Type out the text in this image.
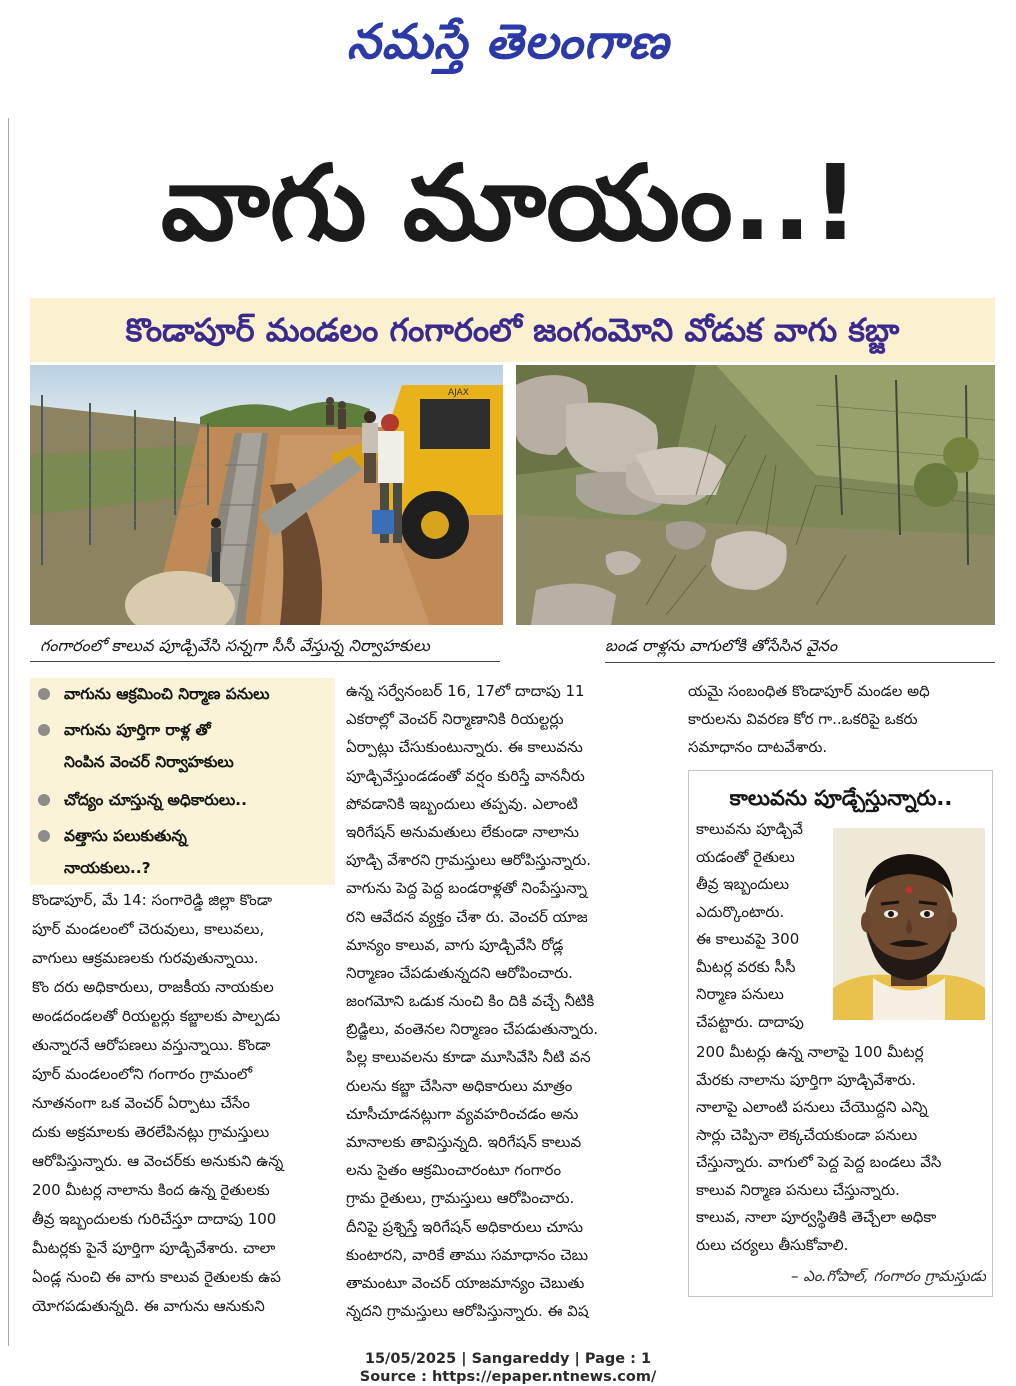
నమస్తే తెలంగాణ
వాగు మాయం..!
కొండాపూర్ మండలం గంగారంలో జంగంమోని వోడుక వాగు కబ్జా
AJAX
గంగారంలో కాలువ పూడ్చివేసి సన్నగా సీసీ వేస్తున్న నిర్వాహకులు	బండ రాళ్లను వాగులోకి తోసేసిన వైనం
వాగును ఆక్రమించి నిర్మాణ పనులు
వాగును పూర్తిగా రాళ్ల తో
నింపిన వెంచర్ నిర్వాహకులు
చోద్యం చూస్తున్న అధికారులు..
వత్తాసు పలుకుతున్న
నాయకులు..?
కొండాపూర్, మే 14: సంగారెడ్డి జిల్లా కొండా
పూర్ మండలంలో చెరువులు, కాలువలు,
వాగులు ఆక్రమణలకు గురవుతున్నాయి.
కొం దరు అధికారులు, రాజకీయ నాయకుల
అండదండలతో రియల్టర్లు కబ్జాలకు పాల్పడు
తున్నారనే ఆరోపణలు వస్తున్నాయి. కొండా
పూర్ మండలంలోని గంగారం గ్రామంలో
నూతనంగా ఒక వెంచర్ ఏర్పాటు చేసేం
దుకు అక్రమాలకు తెరలేపినట్లు గ్రామస్తులు
ఆరోపిస్తున్నారు. ఆ వెంచర్‌కు అనుకుని ఉన్న
200 మీటర్ల నాలాను కింద ఉన్న రైతులకు
తీవ్ర ఇబ్బందులకు గురిచేస్తూ దాదాపు 100
మీటర్లకు పైనే పూర్తిగా పూడ్చివేశారు. చాలా
ఏండ్ల నుంచి ఈ వాగు కాలువ రైతులకు ఉప
యోగపడుతున్నది. ఈ వాగును ఆనుకుని
ఉన్న సర్వేనంబర్ 16, 17లో దాదాపు 11
ఎకరాల్లో వెంచర్ నిర్మాణానికి రియల్టర్లు
ఏర్పాట్లు చేసుకుంటున్నారు. ఈ కాలువను
పూడ్చివేస్తుండడంతో వర్షం కురిస్తే వాననీరు
పోవడానికి ఇబ్బందులు తప్పవు. ఎలాంటి
ఇరిగేషన్ అనుమతులు లేకుండా నాలాను
పూడ్చి వేశారని గ్రామస్తులు ఆరోపిస్తున్నారు.
వాగును పెద్ద పెద్ద బండరాళ్లతో నింపేస్తున్నా
రని ఆవేదన వ్యక్తం చేశా రు. వెంచర్ యాజ
మాన్యం కాలువ, వాగు పూడ్చివేసి రోడ్ల
నిర్మాణం చేపడుతున్నదని ఆరోపించారు.
జంగమోని ఒడుక నుంచి కిం దికి వచ్చే నీటికి
బ్రిడ్జిలు, వంతెనల నిర్మాణం చేపడుతున్నారు.
పిల్ల కాలువలను కూడా మూసివేసి నీటి వన
రులను కబ్జా చేసినా అధికారులు మాత్రం
చూసీచూడనట్లుగా వ్యవహరించడం అను
మానాలకు తావిస్తున్నది. ఇరిగేషన్ కాలువ
లను సైతం ఆక్రమించారంటూ గంగారం
గ్రామ రైతులు, గ్రామస్తులు ఆరోపించారు.
దీనిపై ప్రశ్నిస్తే ఇరిగేషన్ అధికారులు చూసు
కుంటారని, వారికే తాము సమాధానం చెబు
తామంటూ వెంచర్ యాజమాన్యం చెబుతు
న్నదని గ్రామస్తులు ఆరోపిస్తున్నారు. ఈ విష
యమై సంబంధిత కొండాపూర్ మండల అధి
కారులను వివరణ కోర గా..ఒకరిపై ఒకరు
సమాధానం దాటవేశారు.
కాలువను పూడ్చేస్తున్నారు..
కాలువను పూడ్చివే
యడంతో రైతులు
తీవ్ర ఇబ్బందులు
ఎదుర్కొంటారు.
ఈ కాలువపై 300
మీటర్ల వరకు సీసీ
నిర్మాణ పనులు
చేపట్టారు. దాదాపు
200 మీటర్లు ఉన్న నాలాపై 100 మీటర్ల
మేరకు నాలాను పూర్తిగా పూడ్చివేశారు.
నాలాపై ఎలాంటి పనులు చేయొద్దని ఎన్ని
సార్లు చెప్పినా లెక్కచేయకుండా పనులు
చేస్తున్నారు. వాగులో పెద్ద పెద్ద బండలు వేసి
కాలువ నిర్మాణ పనులు చేస్తున్నారు.
కాలువ, నాలా పూర్వస్థితికి తెచ్చేలా అధికా
రులు చర్యలు తీసుకోవాలి.
– ఎం.గోపాల్, గంగారం గ్రామస్తుడు
15/05/2025 | Sangareddy | Page : 1
Source : https://epaper.ntnews.com/
